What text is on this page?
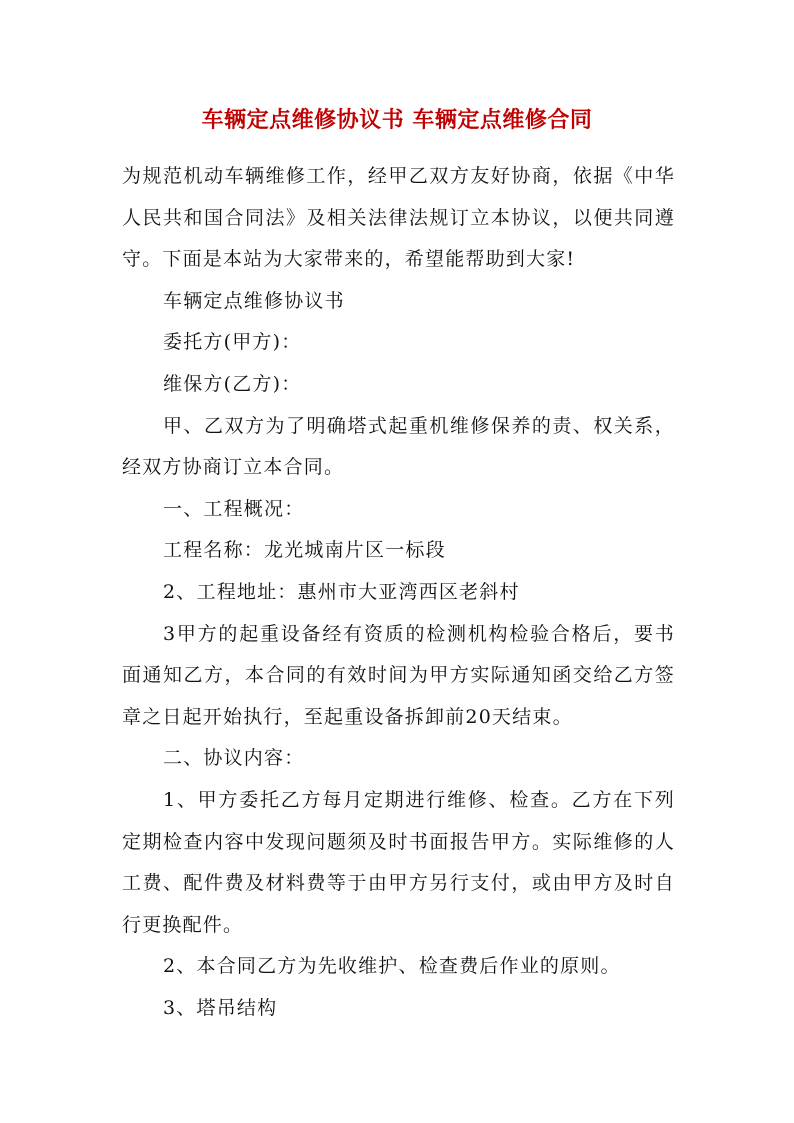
车辆定点维修协议书 车辆定点维修合同

为规范机动车辆维修工作，经甲乙双方友好协商，依据《中华人民共和国合同法》及相关法律法规订立本协议，以便共同遵守。下面是本站为大家带来的，希望能帮助到大家!

车辆定点维修协议书

委托方(甲方)：

维保方(乙方)：

甲、乙双方为了明确塔式起重机维修保养的责、权关系，经双方协商订立本合同。

一、工程概况：

工程名称：龙光城南片区一标段

2、工程地址：惠州市大亚湾西区老斜村

3甲方的起重设备经有资质的检测机构检验合格后，要书面通知乙方，本合同的有效时间为甲方实际通知函交给乙方签章之日起开始执行，至起重设备拆卸前20天结束。

二、协议内容：

1、甲方委托乙方每月定期进行维修、检查。乙方在下列定期检查内容中发现问题须及时书面报告甲方。实际维修的人工费、配件费及材料费等于由甲方另行支付，或由甲方及时自行更换配件。

2、本合同乙方为先收维护、检查费后作业的原则。

3、塔吊结构
